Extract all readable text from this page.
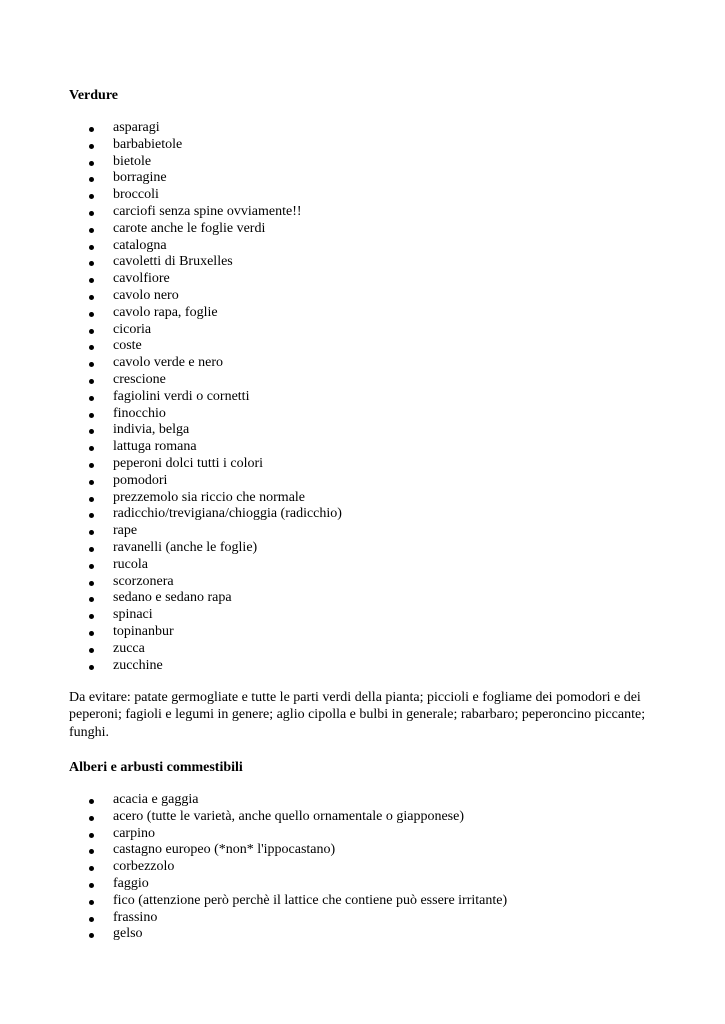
Verdure
asparagi
barbabietole
bietole
borragine
broccoli
carciofi senza spine ovviamente!!
carote anche le foglie verdi
catalogna
cavoletti di Bruxelles
cavolfiore
cavolo nero
cavolo rapa, foglie
cicoria
coste
cavolo verde e nero
crescione
fagiolini verdi o cornetti
finocchio
indivia, belga
lattuga romana
peperoni dolci tutti i colori
pomodori
prezzemolo sia riccio che normale
radicchio/trevigiana/chioggia (radicchio)
rape
ravanelli (anche le foglie)
rucola
scorzonera
sedano e sedano rapa
spinaci
topinanbur
zucca
zucchine

Da evitare: patate germogliate e tutte le parti verdi della pianta; piccioli e fogliame dei pomodori e dei peperoni; fagioli e legumi in genere; aglio cipolla e bulbi in generale; rabarbaro; peperoncino piccante; funghi.

Alberi e arbusti commestibili
acacia e gaggia
acero (tutte le varietà, anche quello ornamentale o giapponese)
carpino
castagno europeo (*non* l'ippocastano)
corbezzolo
faggio
fico (attenzione però perchè il lattice che contiene può essere irritante)
frassino
gelso
